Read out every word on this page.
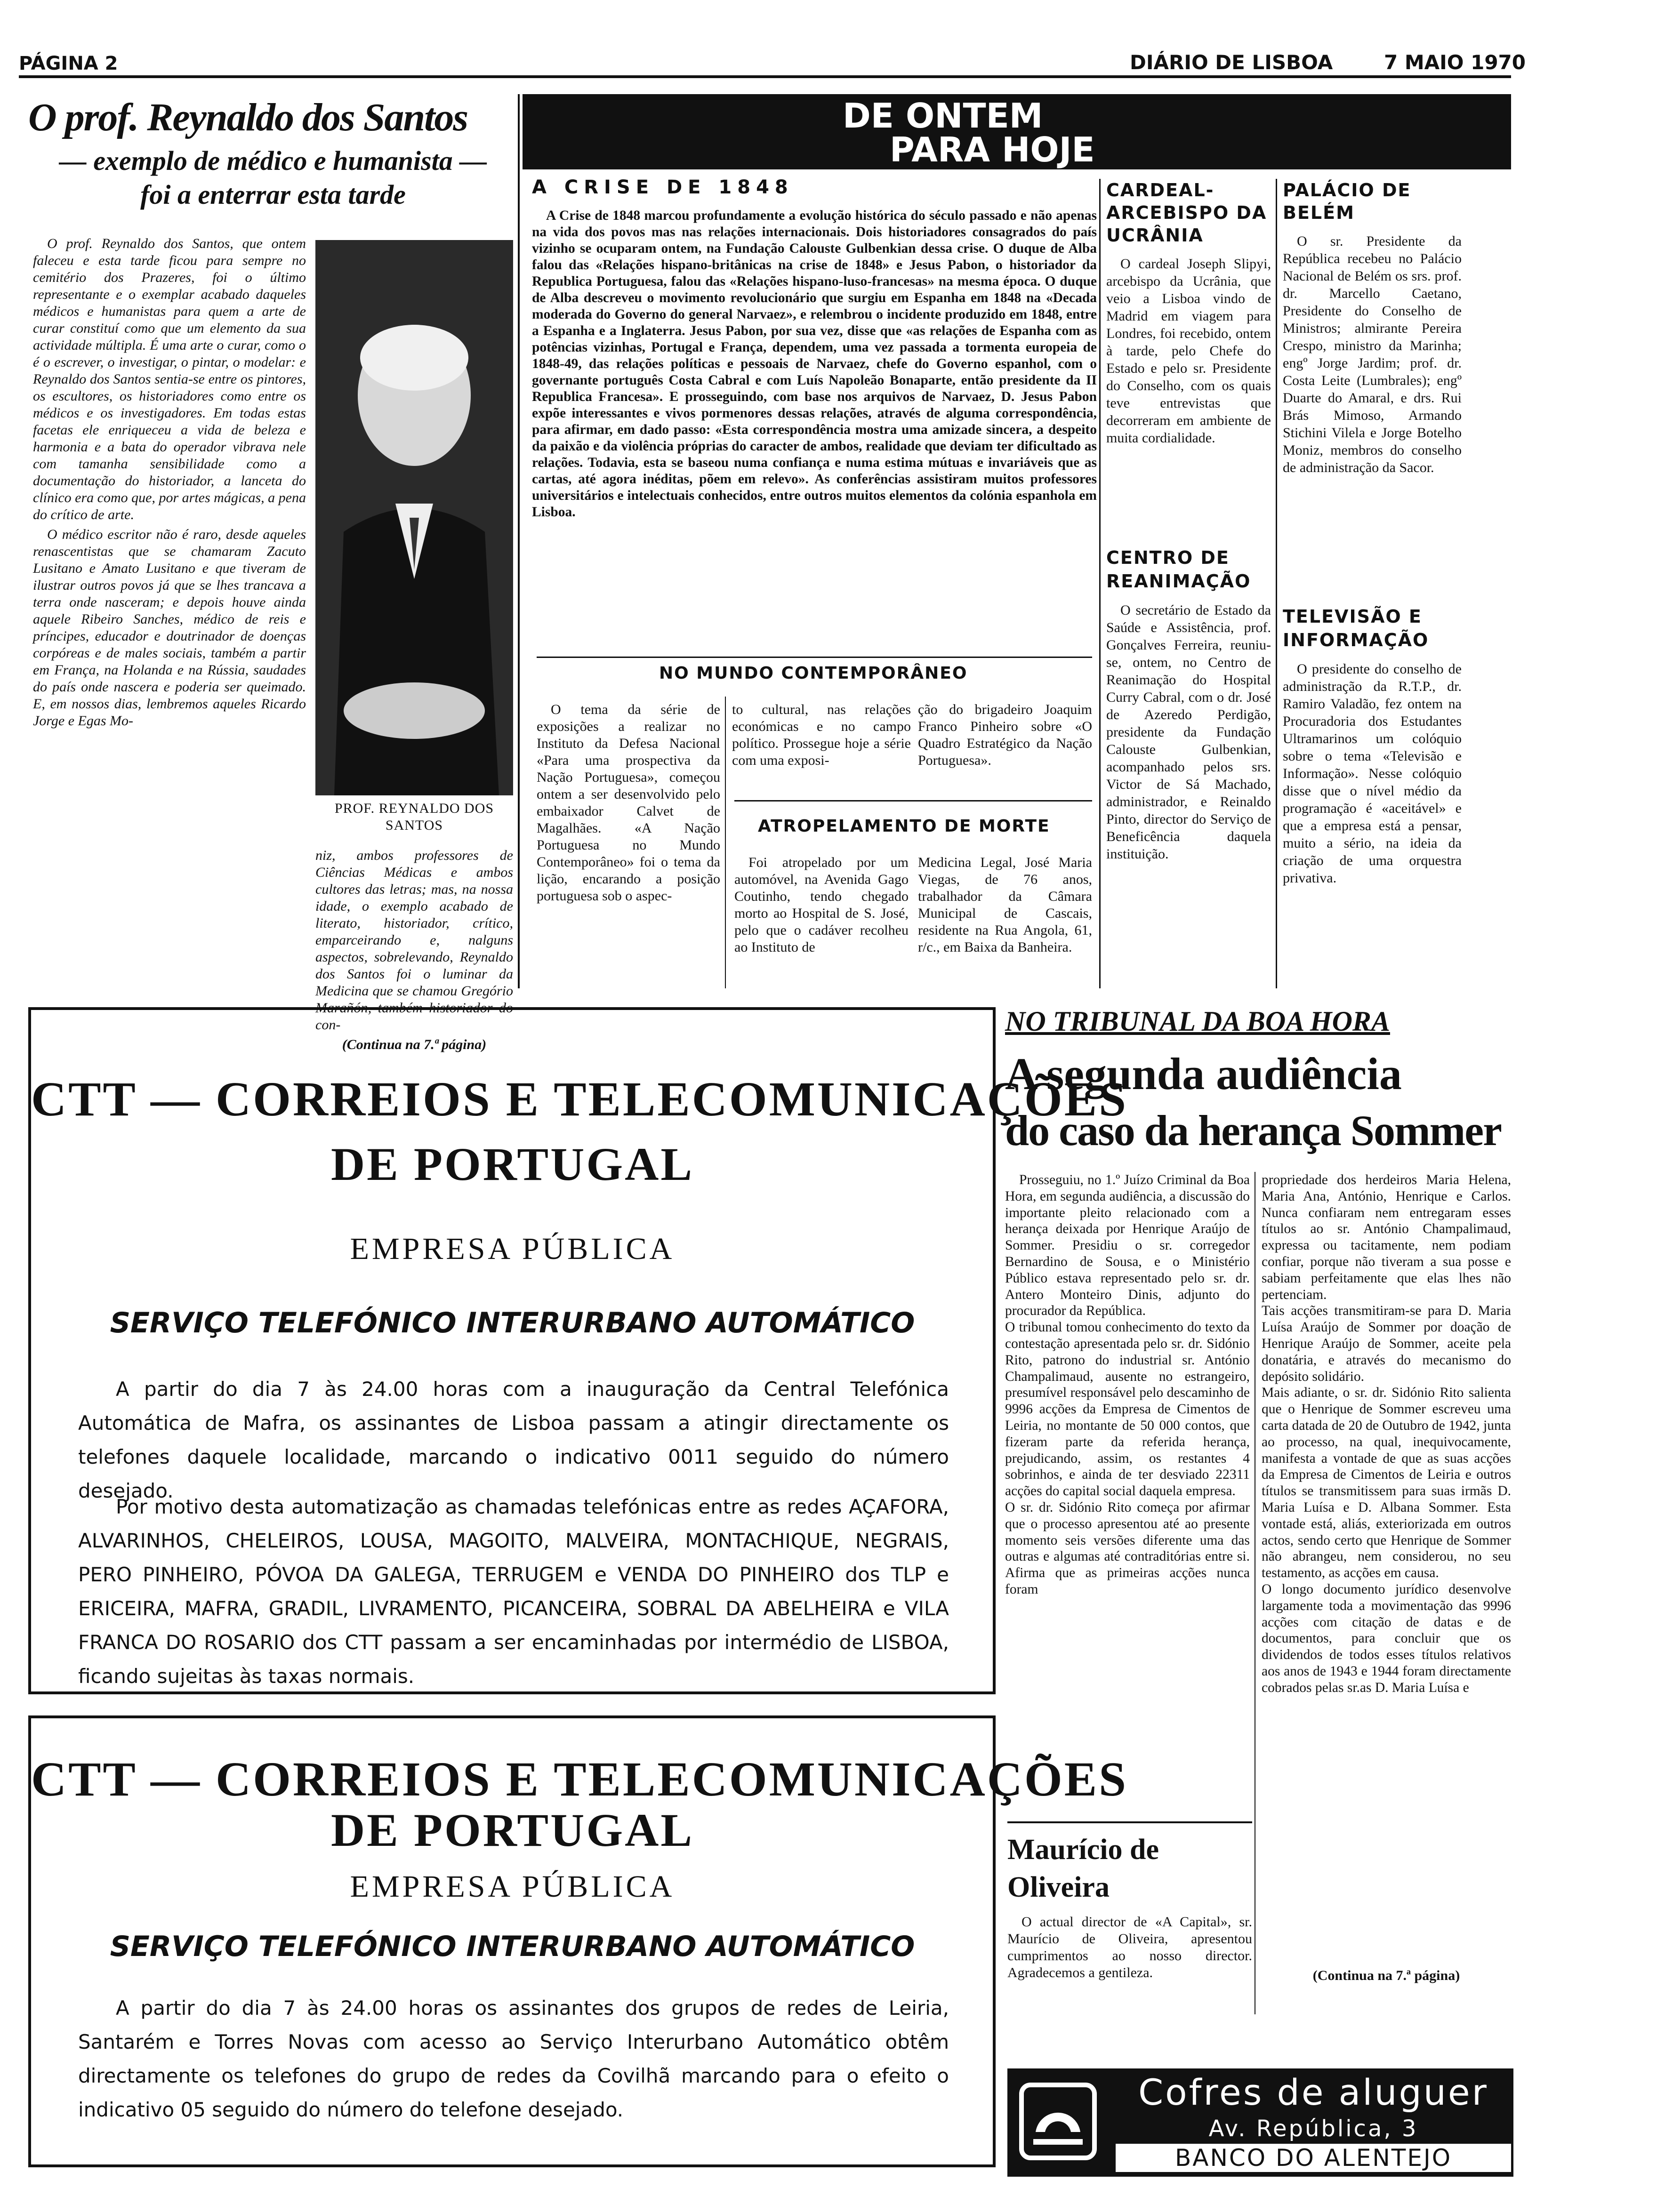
PÁGINA 2	DIÁRIO DE LISBOA	7 MAIO 1970
O prof. Reynaldo dos Santos
— exemplo de médico e humanista —
foi a enterrar esta tarde
O prof. Reynaldo dos Santos, que ontem faleceu e esta tarde ficou para sempre no cemitério dos Prazeres, foi o último representante e o exemplar acabado daqueles médicos e humanistas para quem a arte de curar constituí como que um elemento da sua actividade múltipla. É uma arte o curar, como o é o escrever, o investigar, o pintar, o modelar: e Reynaldo dos Santos sentia-se entre os pintores, os escultores, os historiadores como entre os médicos e os investigadores. Em todas estas facetas ele enriqueceu a vida de beleza e harmonia e a bata do operador vibrava nele com tamanha sensibilidade como a documentação do historiador, a lanceta do clínico era como que, por artes mágicas, a pena do crítico de arte.
O médico escritor não é raro, desde aqueles renascentistas que se chamaram Zacuto Lusitano e Amato Lusitano e que tiveram de ilustrar outros povos já que se lhes trancava a terra onde nasceram; e depois houve ainda aquele Ribeiro Sanches, médico de reis e príncipes, educador e doutrinador de doenças corpóreas e de males sociais, também a partir em França, na Holanda e na Rússia, saudades do país onde nascera e poderia ser queimado. E, em nossos dias, lembremos aqueles Ricardo Jorge e Egas Mo-
PROF. REYNALDO DOS SANTOS
niz, ambos professores de Ciências Médicas e ambos cultores das letras; mas, na nossa idade, o exemplo acabado de literato, historiador, crítico, emparceirando e, nalguns aspectos, sobrelevando, Reynaldo dos Santos foi o luminar da Medicina que se chamou Gregório Marañón, também historiador do con-
(Continua na 7.ª página)
DE ONTEM
PARA HOJE
A CRISE DE 1848
A Crise de 1848 marcou profundamente a evolução histórica do século passado e não apenas na vida dos povos mas nas relações internacionais. Dois historiadores consagrados do país vizinho se ocuparam ontem, na Fundação Calouste Gulbenkian dessa crise. O duque de Alba falou das «Relações hispano-britânicas na crise de 1848» e Jesus Pabon, o historiador da Republica Portuguesa, falou das «Relações hispano-luso-francesas» na mesma época. O duque de Alba descreveu o movimento revolucionário que surgiu em Espanha em 1848 na «Decada moderada do Governo do general Narvaez», e relembrou o incidente produzido em 1848, entre a Espanha e a Inglaterra. Jesus Pabon, por sua vez, disse que «as relações de Espanha com as potências vizinhas, Portugal e França, dependem, uma vez passada a tormenta europeia de 1848-49, das relações políticas e pessoais de Narvaez, chefe do Governo espanhol, com o governante português Costa Cabral e com Luís Napoleão Bonaparte, então presidente da II Republica Francesa». E prosseguindo, com base nos arquivos de Narvaez, D. Jesus Pabon expõe interessantes e vivos pormenores dessas relações, através de alguma correspondência, para afirmar, em dado passo: «Esta correspondência mostra uma amizade sincera, a despeito da paixão e da violência próprias do caracter de ambos, realidade que deviam ter dificultado as relações. Todavia, esta se baseou numa confiança e numa estima mútuas e invariáveis que as cartas, até agora inéditas, põem em relevo». As conferências assistiram muitos professores universitários e intelectuais conhecidos, entre outros muitos elementos da colónia espanhola em Lisboa.
NO MUNDO CONTEMPORÂNEO
O tema da série de exposições a realizar no Instituto da Defesa Nacional «Para uma prospectiva da Nação Portuguesa», começou ontem a ser desenvolvido pelo embaixador Calvet de Magalhães. «A Nação Portuguesa no Mundo Contemporâneo» foi o tema da lição, encarando a posição portuguesa sob o aspec-
to cultural, nas relações económicas e no campo político. Prossegue hoje a série com uma exposi-
ção do brigadeiro Joaquim Franco Pinheiro sobre «O Quadro Estratégico da Nação Portuguesa».
ATROPELAMENTO DE MORTE
Foi atropelado por um automóvel, na Avenida Gago Coutinho, tendo chegado morto ao Hospital de S. José, pelo que o cadáver recolheu ao Instituto de
Medicina Legal, José Maria Viegas, de 76 anos, trabalhador da Câmara Municipal de Cascais, residente na Rua Angola, 61, r/c., em Baixa da Banheira.
CARDEAL-ARCEBISPO DA UCRÂNIA
O cardeal Joseph Slipyi, arcebispo da Ucrânia, que veio a Lisboa vindo de Madrid em viagem para Londres, foi recebido, ontem à tarde, pelo Chefe do Estado e pelo sr. Presidente do Conselho, com os quais teve entrevistas que decorreram em ambiente de muita cordialidade.
CENTRO DE REANIMAÇÃO
O secretário de Estado da Saúde e Assistência, prof. Gonçalves Ferreira, reuniu-se, ontem, no Centro de Reanimação do Hospital Curry Cabral, com o dr. José de Azeredo Perdigão, presidente da Fundação Calouste Gulbenkian, acompanhado pelos srs. Victor de Sá Machado, administrador, e Reinaldo Pinto, director do Serviço de Beneficência daquela instituição.
PALÁCIO DE BELÉM
O sr. Presidente da República recebeu no Palácio Nacional de Belém os srs. prof. dr. Marcello Caetano, Presidente do Conselho de Ministros; almirante Pereira Crespo, ministro da Marinha; engº Jorge Jardim; prof. dr. Costa Leite (Lumbrales); engº Duarte do Amaral, e drs. Rui Brás Mimoso, Armando Stichini Vilela e Jorge Botelho Moniz, membros do conselho de administração da Sacor.
TELEVISÃO E INFORMAÇÃO
O presidente do conselho de administração da R.T.P., dr. Ramiro Valadão, fez ontem na Procuradoria dos Estudantes Ultramarinos um colóquio sobre o tema «Televisão e Informação». Nesse colóquio disse que o nível médio da programação é «aceitável» e que a empresa está a pensar, muito a sério, na ideia da criação de uma orquestra privativa.
CTT — CORREIOS E TELECOMUNICAÇÕES
DE PORTUGAL
EMPRESA PÚBLICA
SERVIÇO TELEFÓNICO INTERURBANO AUTOMÁTICO
A partir do dia 7 às 24.00 horas com a inauguração da Central Telefónica Automática de Mafra, os assinantes de Lisboa passam a atingir directamente os telefones daquele localidade, marcando o indicativo 0011 seguido do número desejado.
Por motivo desta automatização as chamadas telefónicas entre as redes AÇAFORA, ALVARINHOS, CHELEIROS, LOUSA, MAGOITO, MALVEIRA, MONTACHIQUE, NEGRAIS, PERO PINHEIRO, PÓVOA DA GALEGA, TERRUGEM e VENDA DO PINHEIRO dos TLP e ERICEIRA, MAFRA, GRADIL, LIVRAMENTO, PICANCEIRA, SOBRAL DA ABELHEIRA e VILA FRANCA DO ROSARIO dos CTT passam a ser encaminhadas por intermédio de LISBOA, ficando sujeitas às taxas normais.
CTT — CORREIOS E TELECOMUNICAÇÕES
DE PORTUGAL
EMPRESA PÚBLICA
SERVIÇO TELEFÓNICO INTERURBANO AUTOMÁTICO
A partir do dia 7 às 24.00 horas os assinantes dos grupos de redes de Leiria, Santarém e Torres Novas com acesso ao Serviço Interurbano Automático obtêm directamente os telefones do grupo de redes da Covilhã marcando para o efeito o indicativo 05 seguido do número do telefone desejado.
NO TRIBUNAL DA BOA HORA
A segunda audiência
do caso da herança Sommer
Prosseguiu, no 1.º Juízo Criminal da Boa Hora, em segunda audiência, a discussão do importante pleito relacionado com a herança deixada por Henrique Araújo de Sommer. Presidiu o sr. corregedor Bernardino de Sousa, e o Ministério Público estava representado pelo sr. dr. Antero Monteiro Dinis, adjunto do procurador da República.
O tribunal tomou conhecimento do texto da contestação apresentada pelo sr. dr. Sidónio Rito, patrono do industrial sr. António Champalimaud, ausente no estrangeiro, presumível responsável pelo descaminho de 9996 acções da Empresa de Cimentos de Leiria, no montante de 50 000 contos, que fizeram parte da referida herança, prejudicando, assim, os restantes 4 sobrinhos, e ainda de ter desviado 22311 acções do capital social daquela empresa.
O sr. dr. Sidónio Rito começa por afirmar que o processo apresentou até ao presente momento seis versões diferente uma das outras e algumas até contraditórias entre si. Afirma que as primeiras acções nunca foram
propriedade dos herdeiros Maria Helena, Maria Ana, António, Henrique e Carlos. Nunca confiaram nem entregaram esses títulos ao sr. António Champalimaud, expressa ou tacitamente, nem podiam confiar, porque não tiveram a sua posse e sabiam perfeitamente que elas lhes não pertenciam.
Tais acções transmitiram-se para D. Maria Luísa Araújo de Sommer por doação de Henrique Araújo de Sommer, aceite pela donatária, e através do mecanismo do depósito solidário.
Mais adiante, o sr. dr. Sidónio Rito salienta que o Henrique de Sommer escreveu uma carta datada de 20 de Outubro de 1942, junta ao processo, na qual, inequivocamente, manifesta a vontade de que as suas acções da Empresa de Cimentos de Leiria e outros títulos se transmitissem para suas irmãs D. Maria Luísa e D. Albana Sommer. Esta vontade está, aliás, exteriorizada em outros actos, sendo certo que Henrique de Sommer não abrangeu, nem considerou, no seu testamento, as acções em causa.
O longo documento jurídico desenvolve largamente toda a movimentação das 9996 acções com citação de datas e de documentos, para concluir que os dividendos de todos esses títulos relativos aos anos de 1943 e 1944 foram directamente cobrados pelas sr.as D. Maria Luísa e
(Continua na 7.ª página)
Maurício de Oliveira
O actual director de «A Capital», sr. Maurício de Oliveira, apresentou cumprimentos ao nosso director. Agradecemos a gentileza.
Cofres de aluguer
Av. República, 3
BANCO DO ALENTEJO
